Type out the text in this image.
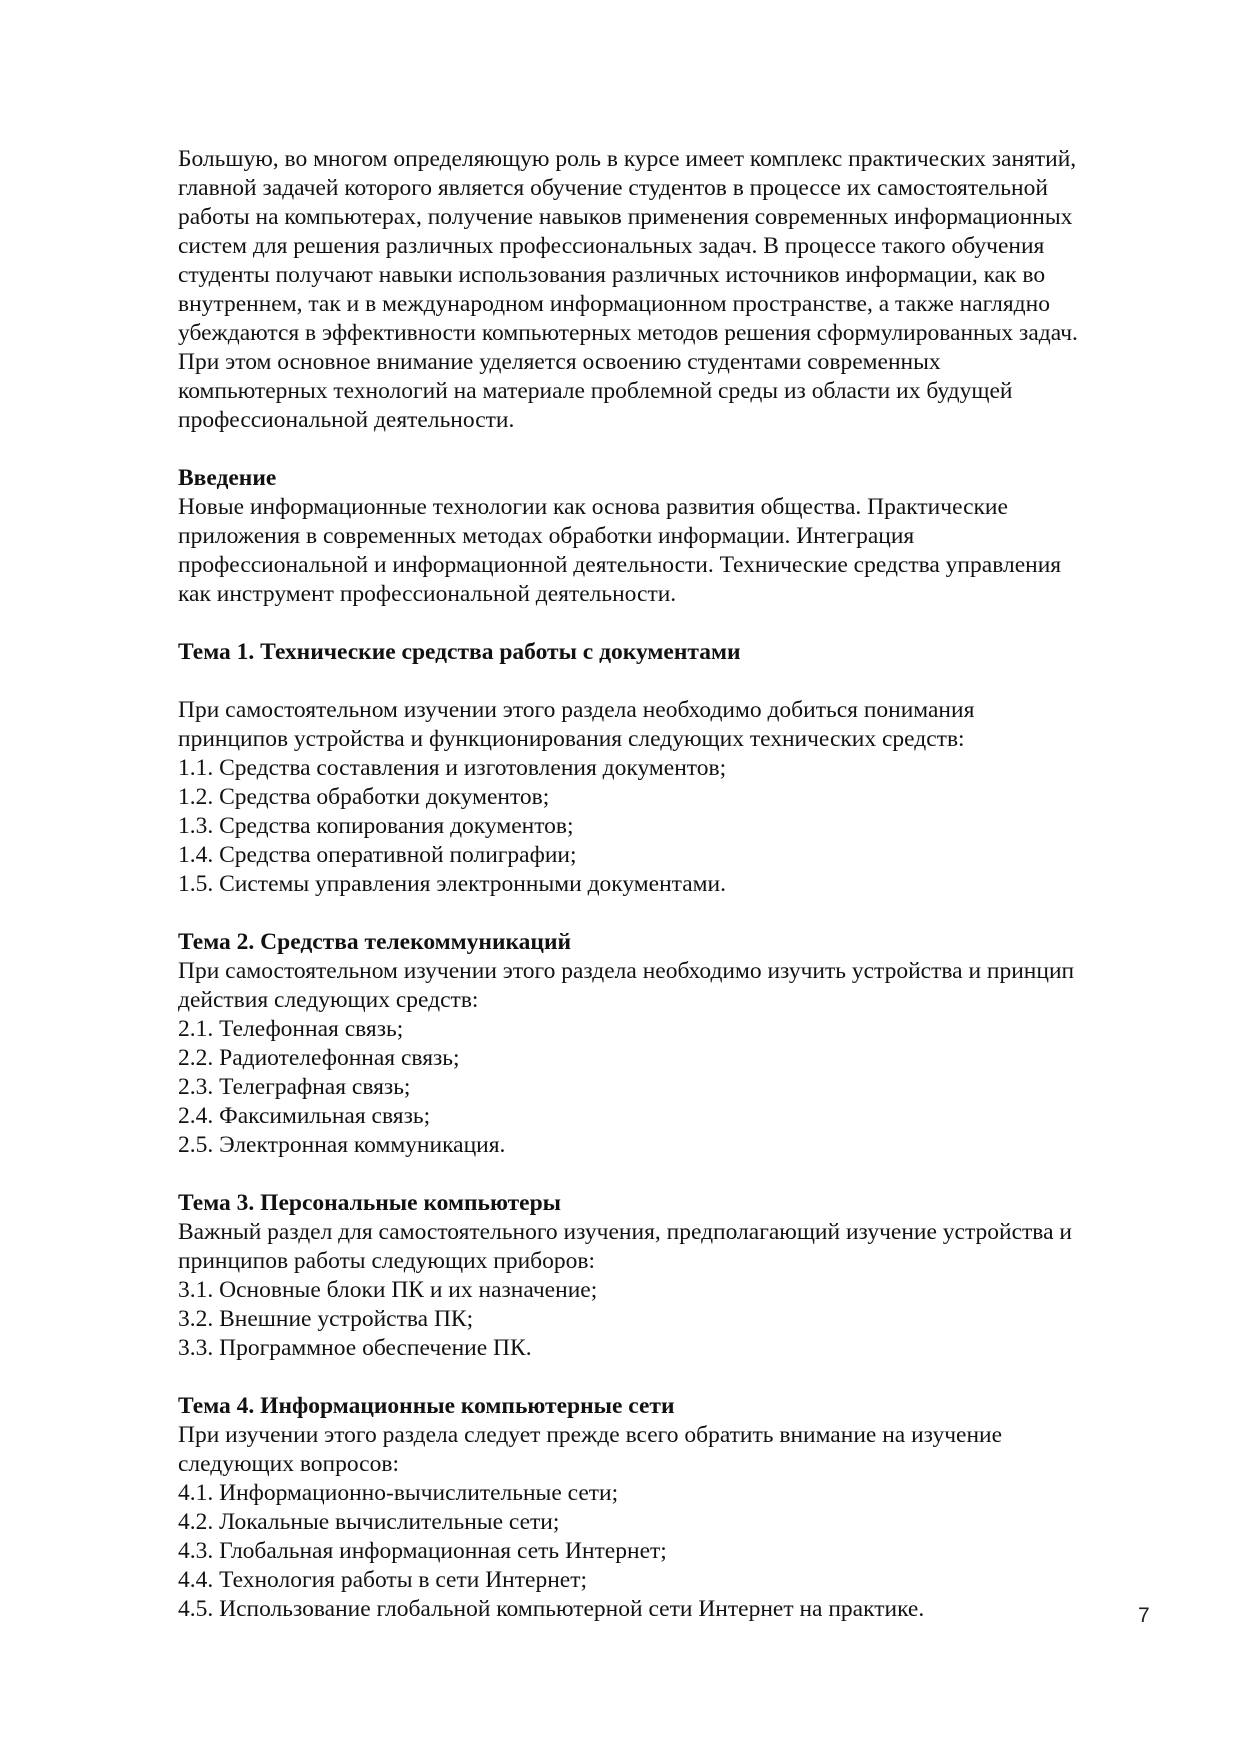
Большую, во многом определяющую роль в курсе имеет комплекс практических занятий,
главной задачей которого является обучение студентов в процессе их самостоятельной
работы на компьютерах, получение навыков применения современных информационных
систем для решения различных профессиональных задач. В процессе такого обучения
студенты получают навыки использования различных источников информации, как во
внутреннем, так и в международном информационном пространстве, а также наглядно
убеждаются в эффективности компьютерных методов решения сформулированных задач.
При этом основное внимание уделяется освоению студентами современных
компьютерных технологий на материале проблемной среды из области их будущей
профессиональной деятельности.

Введение
Новые информационные технологии как основа развития общества. Практические
приложения в современных методах обработки информации. Интеграция
профессиональной и информационной деятельности. Технические средства управления
как инструмент профессиональной деятельности.
Тема 1. Технические средства работы с документами
При самостоятельном изучении этого раздела необходимо добиться понимания
принципов устройства и функционирования следующих технических средств:
1.1. Средства составления и изготовления документов;
1.2. Средства обработки документов;
1.3. Средства копирования документов;
1.4. Средства оперативной полиграфии;
1.5. Системы управления электронными документами.
Тема 2. Средства телекоммуникаций
При самостоятельном изучении этого раздела необходимо изучить устройства и принцип
действия следующих средств:
2.1. Телефонная связь;
2.2. Радиотелефонная связь;
2.3. Телеграфная связь;
2.4. Факсимильная связь;
2.5. Электронная коммуникация.
Тема 3. Персональные компьютеры
Важный раздел для самостоятельного изучения, предполагающий изучение устройства и
принципов работы следующих приборов:
3.1. Основные блоки ПК и их назначение;
3.2. Внешние устройства ПК;
3.3. Программное обеспечение ПК.
Тема 4. Информационные компьютерные сети
При изучении этого раздела следует прежде всего обратить внимание на изучение
следующих вопросов:
4.1. Информационно-вычислительные сети;
4.2. Локальные вычислительные сети;
4.3. Глобальная информационная сеть Интернет;
4.4. Технология работы в сети Интернет;
4.5. Использование глобальной компьютерной сети Интернет на практике.	7
